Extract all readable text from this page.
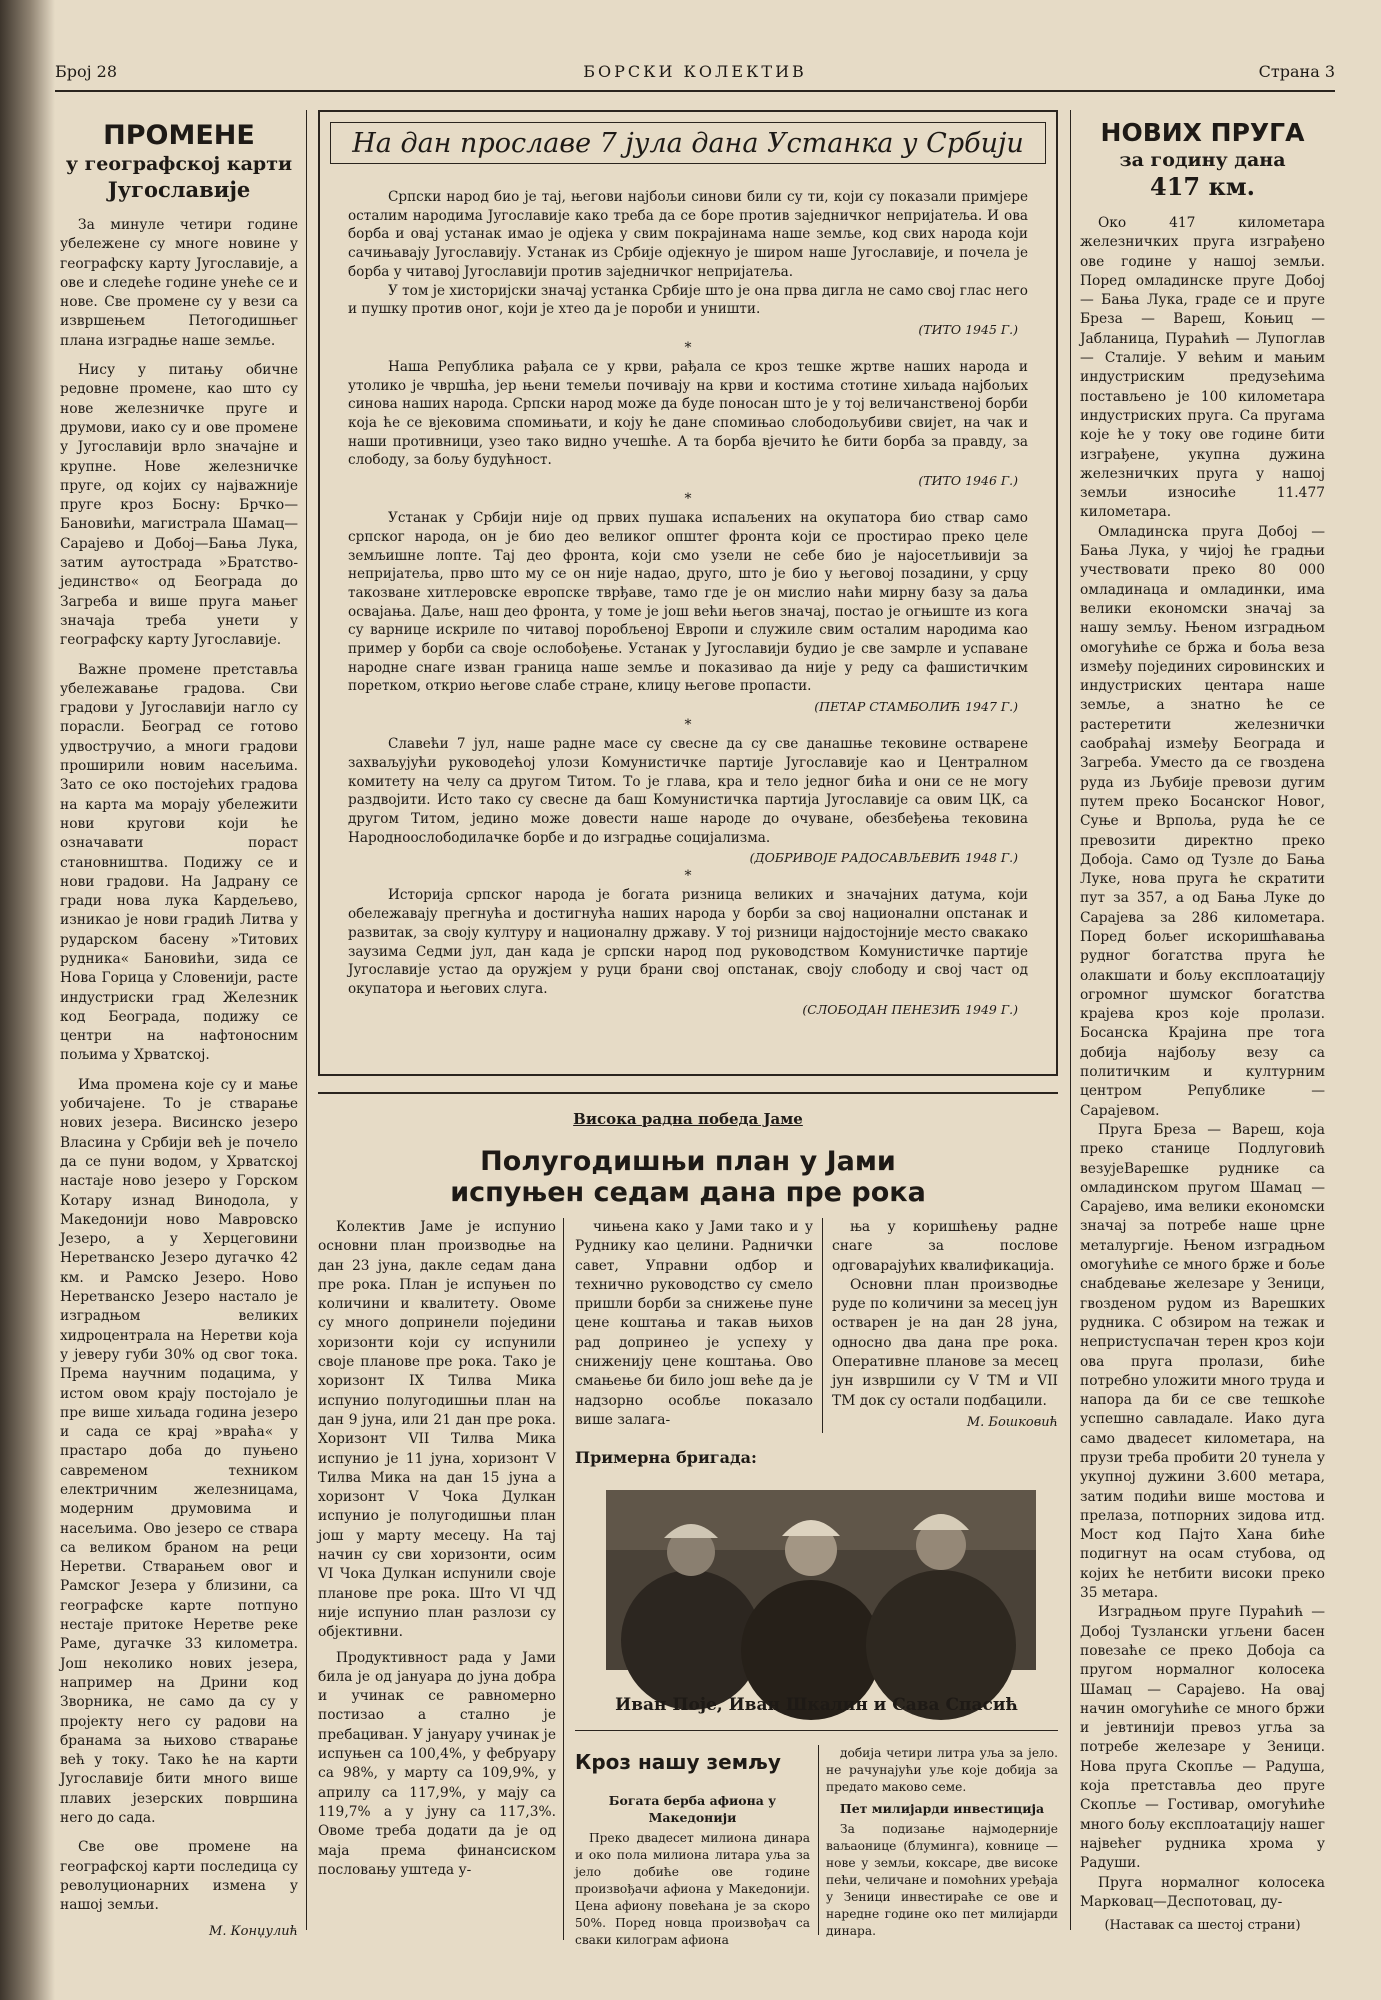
Број 28	БОРСКИ КОЛЕКТИВ	Страна 3
ПРОМЕНЕ
у географској карти
Југославије

За минуле четири године убележене су многе новине у географску карту Југославије, а ове и следеће године унеће се и нове. Све промене су у вези са извршењем Петогодишњег плана изградње наше земље.

Нису у питању обичне редовне промене, као што су нове железничке пруге и друмови, иако су и ове промене у Југославији врло значајне и крупне. Нове железничке пруге, од којих су најважније пруге кроз Босну: Брчко—Бановићи, магистрала Шамац—Сарајево и Добој—Бања Лука, затим аутострада »Братство-јединство« од Београда до Загреба и више пруга мањег значаја треба унети у географску карту Југославије.

Важне промене претставља убележавање градова. Сви градови у Југославији нагло су порасли. Београд се готово удвостручио, а многи градови проширили новим насељима. Зато се око постојећих градова на карта ма морају убележити нови кругови који ће означавати пораст становништва. Подижу се и нови градови. На Јадрану се гради нова лука Кардељево, изникао је нови градић Литва у рударском басену »Титових рудника« Бановићи, зида се Нова Горица у Словенији, расте индустриски град Железник код Београда, подижу се центри на нафтоносним пољима у Хрватској.

Има промена које су и мање уобичајене. То је стварање нових језера. Висинско језеро Власина у Србији већ је почело да се пуни водом, у Хрватској настаје ново језеро у Горском Котару изнад Винодола, у Македонији ново Мавровско Језеро, а у Херцеговини Неретванско Језеро дугачко 42 км. и Рамско Језеро. Ново Неретванско Језеро настало је изградњом великих хидроцентрала на Неретви која у јеверу губи 30% од свог тока. Према научним подацима, у истом овом крају постојало је пре више хиљада година језеро и сада се крај »враћа« у прастаро доба до пуњено савременом техником електричним железницама, модерним друмовима и насељима. Ово језеро се ствара са великом браном на реци Неретви. Стварањем овог и Рамског Језера у близини, са географске карте потпуно нестаје притоке Неретве реке Раме, дугачке 33 километра. Још неколико нових језера, например на Дрини код Зворника, не само да су у пројекту него су радови на бранама за њихово стварање већ у току. Тако ће на карти Југославије бити много више плавих језерских површина него до сада.

Све ове промене на географској карти последица су револуционарних измена у нашој земљи.

М. Конџулић
На дан прославе 7 јула дана Устанка у Србији

Српски народ био је тај, његови најбољи синови били су ти, који су показали примјере осталим народима Југославије како треба да се боре против заједничког непријатеља. И ова борба и овај устанак имао је одјека у свим покрајинама наше земље, код свих народа који сачињавају Југославију. Устанак из Србије одјекнуо је широм наше Југославије, и почела је борба у читавој Југославији против заједничког непријатеља.

У том је хисторијски значај устанка Србије што је она прва дигла не само свој глас него и пушку против оног, који је хтео да је пороби и уништи.

(ТИТО 1945 Г.)
*

Наша Република рађала се у крви, рађала се кроз тешке жртве наших народа и утолико је чвршћа, јер њени темељи почивају на крви и костима стотине хиљада најбољих синова наших народа. Српски народ може да буде поносан што је у тој величанственој борби која ће се вјековима спомињати, и коју ће дане спомињао слободољубиви свијет, на чак и наши противници, узео тако видно учешће. А та борба вјечито ће бити борба за правду, за слободу, за бољу будућност.

(ТИТО 1946 Г.)
*

Устанак у Србији није од првих пушака испаљених на окупатора био ствар само српског народа, он је био део великог општег фронта који се простирао преко целе земљишне лопте. Тај део фронта, који смо узели не себе био је најосетљивији за непријатеља, прво што му се он није надао, друго, што је био у његовој позадини, у срцу такозване хитлеровске европске тврђаве, тамо где је он мислио наћи мирну базу за даља освајања. Даље, наш део фронта, у томе је још већи његов значај, постао је огњиште из кога су варнице искриле по читавој поробљеној Европи и служиле свим осталим народима као пример у борби са своје ослобођење. Устанак у Југославији будио је све замрле и успаване народне снаге изван граница наше земље и показивао да није у реду са фашистичким поретком, открио његове слабе стране, клицу његове пропасти.

(ПЕТАР СТАМБОЛИЋ 1947 Г.)
*

Славећи 7 јул, наше радне масе су свесне да су све данашње тековине остварене захваљујући руководећој улози Комунистичке партије Југославије као и Централном комитету на челу са другом Титом. То је глава, кра и тело једног бића и они се не могу раздвојити. Исто тако су свесне да баш Комунистичка партија Југославије са овим ЦК, са другом Титом, једино може довести наше народе до очуване, обезбеђења тековина Народноослободилачке борбе и до изградње социјализма.

(ДОБРИВОЈЕ РАДОСАВЉЕВИЋ 1948 Г.)
*

Историја српског народа је богата ризница великих и значајних датума, који обележавају прегнућа и достигнућа наших народа у борби за свој национални опстанак и развитак, за своју културу и националну државу. У тој ризници најдостојније место свакако заузима Седми јул, дан када је српски народ под руководством Комунистичке партије Југославије устао да оружјем у руци брани свој опстанак, своју слободу и свој част од окупатора и његових слуга.

(СЛОБОДАН ПЕНЕЗИЋ 1949 Г.)
Висока радна победа Јаме
Полугодишњи план у Јами
испуњен седам дана пре рока

Колектив Јаме је испунио основни план производње на дан 23 јуна, дакле седам дана пре рока. План је испуњен по количини и квалитету. Овоме су много допринели поједини хоризонти који су испунили своје планове пре рока. Тако је хоризонт IX Тилва Мика испунио полугодишњи план на дан 9 јуна, или 21 дан пре рока. Хоризонт VII Тилва Мика испунио је 11 јуна, хоризонт V Тилва Мика на дан 15 јуна а хоризонт V Чока Дулкан испунио је полугодишњи план још у марту месецу. На тај начин су сви хоризонти, осим VI Чока Дулкан испунили своје планове пре рока. Што VI ЧД није испунио план разлози су објективни.

Продуктивност рада у Јами била је од јануара до јуна добра и учинак се равномерно постизао а стално је пребациван. У јануару учинак је испуњен са 100,4%, у фебруару са 98%, у марту са 109,9%, у априлу са 117,9%, у мају са 119,7% а у јуну са 117,3%. Овоме треба додати да је од маја према финансиском пословању уштеда у-

чињена како у Јами тако и у Руднику као целини. Раднички савет, Управни одбор и технично руководство су смело пришли борби за снижење пуне цене коштања и такав њихов рад допринео је успеху у сниженију цене коштања. Ово смањење би било још веће да је надзорно особље показало више залага-

ња у коришћењу радне снаге за послове одговарајућих квалификација.

Основни план производње руде по количини за месец јун остварен је на дан 28 јуна, односно два дана пре рока. Оперативне планове за месец јун извршили су V ТМ и VII ТМ док су остали подбацили.

М. Бошковић
Примерна бригада:
Иван Поје, Иван Шкалин и Сава Спасић
Кроз нашу земљу

Богата бербa афиона у Македонији

Преко двадесет милиона динара и око пола милиона литара уља за јело добиће ове године произвођачи афиона у Македонији. Цена афиону повећана је за скоро 50%. Поред новца произвођач са сваки килограм афиона

добија четири литра уља за јело. не рачунајући уље које добија за предато маково семе.

Пет милијарди инвестиција

За подизање најмодерније ваљаонице (блуминга), ковнице — нове у земљи, коксаре, две високе пећи, челичане и помоћних уређаја у Зеници инвестираће се ове и наредне године око пет милијарди динара.

НОВИХ ПРУГА
за годину дана
417 км.

Око 417 километара железничких пруга изграђено ове године у нашој земљи. Поред омладинске пруге Добој — Бања Лука, граде се и пруге Бреза — Вареш, Коњиц — Јабланица, Пураћић — Лупоглав — Сталије. У већим и мањим индустриским предузећима постављено је 100 километара индустриских пруга. Са пругама које ће у току ове године бити изграђене, укупна дужина железничких пруга у нашој земљи износиће 11.477 километара.

Омладинска пруга Добој — Бања Лука, у чијој ће градњи учествовати преко 80 000 омладинаца и омладинки, има велики економски значај за нашу земљу. Њеном изградњом омогућиће се бржа и боља веза између појединих сировинских и индустриских центара наше земље, а знатно ће се растеретити железнички саобраћај између Београда и Загреба. Уместо да се гвоздена руда из Љубије превози дугим путем преко Босанског Новог, Суње и Врпоља, руда ће се превозити директно преко Добоја. Само од Тузле до Бања Луке, нова пруга ће скратити пут за 357, а од Бања Луке до Сарајева за 286 километара. Поред бољег искоришћавања рудног богатства пруга ће олакшати и бољу експлоатацију огромног шумског богатства крајева кроз које пролази. Босанска Крајина пре тога добија најбољу везу са политичким и културним центром Републике — Сарајевом.

Пруга Бреза — Вареш, која преко станице Подлуговић везујеВарешке руднике са омладинском пругом Шамац — Сарајево, има велики економски значај за потребе наше црне металургије. Њеном изградњом омогућиће се много брже и боље снабдевање железаре у Зеници, гвозденом рудом из Варешких рудника. С обзиром на тежак и непристуспачан терен кроз који ова пруга пролази, биће потребно уложити много труда и напора да би се све тешкоће успешно савладале. Иако дуга само двадесет километара, на прузи треба пробити 20 тунела у укупној дужини 3.600 метара, затим подићи више мостова и прелаза, потпорних зидова итд. Мост код Пајто Хана биће подигнут на осам стубова, од којих ће нетбити високи преко 35 метара.

Изградњом пруге Пураћић — Добој Тузлански угљени басен повезаће се преко Добоја са пругом нормалног колосека Шамац — Сарајево. На овај начин омогућиће се много бржи и јевтинији превоз угља за потребе железаре у Зеници. Нова пруга Скопље — Радуша, која претставља део пруге Скопље — Гостивар, омогућиће много бољу експлоатацију нашег највећег рудника хрома у Радуши.

Пруга нормалног колосека Марковац—Деспотовац, ду-

(Наставак са шестој страни)
